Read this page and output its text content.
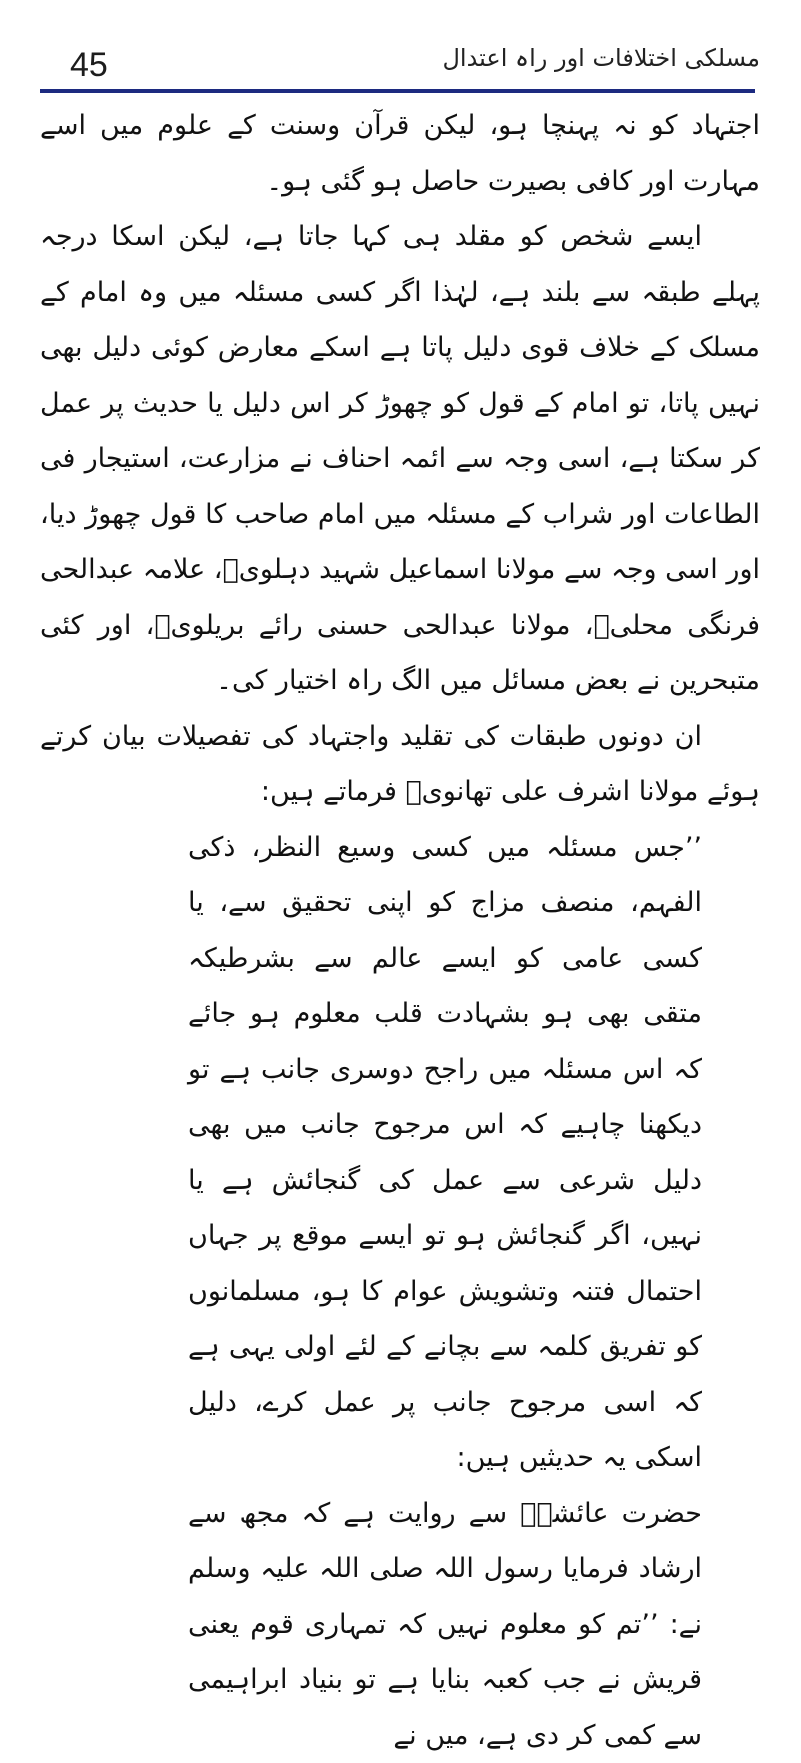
45	مسلکی اختلافات اور راہ اعتدال

اجتہاد کو نہ پہنچا ہو، لیکن قرآن وسنت کے علوم میں اسے مہارت اور کافی بصیرت حاصل ہو گئی ہو۔

ایسے شخص کو مقلد ہی کہا جاتا ہے، لیکن اسکا درجہ پہلے طبقہ سے بلند ہے، لہٰذا اگر کسی مسئلہ میں وہ امام کے مسلک کے خلاف قوی دلیل پاتا ہے اسکے معارض کوئی دلیل بھی نہیں پاتا، تو امام کے قول کو چھوڑ کر اس دلیل یا حدیث پر عمل کر سکتا ہے، اسی وجہ سے ائمہ احناف نے مزارعت، استیجار فی الطاعات اور شراب کے مسئلہ میں امام صاحب کا قول چھوڑ دیا، اور اسی وجہ سے مولانا اسماعیل شہید دہلویؒ، علامہ عبدالحی فرنگی محلیؒ، مولانا عبدالحی حسنی رائے بریلویؒ، اور کئی متبحرین نے بعض مسائل میں الگ راہ اختیار کی۔

ان دونوں طبقات کی تقلید واجتہاد کی تفصیلات بیان کرتے ہوئے مولانا اشرف علی تھانویؒ فرماتے ہیں:

’’جس مسئلہ میں کسی وسیع النظر، ذکی الفہم، منصف مزاج کو اپنی تحقیق سے، یا کسی عامی کو ایسے عالم سے بشرطیکہ متقی بھی ہو بشہادت قلب معلوم ہو جائے کہ اس مسئلہ میں راجح دوسری جانب ہے تو دیکھنا چاہیے کہ اس مرجوح جانب میں بھی دلیل شرعی سے عمل کی گنجائش ہے یا نہیں، اگر گنجائش ہو تو ایسے موقع پر جہاں احتمال فتنہ وتشویش عوام کا ہو، مسلمانوں کو تفریق کلمہ سے بچانے کے لئے اولی یہی ہے کہ اسی مرجوح جانب پر عمل کرے، دلیل اسکی یہ حدیثیں ہیں:

حضرت عائشہؓ سے روایت ہے کہ مجھ سے ارشاد فرمایا رسول اللہ صلی اللہ علیہ وسلم نے: ’’تم کو معلوم نہیں کہ تمہاری قوم یعنی قریش نے جب کعبہ بنایا ہے تو بنیاد ابراہیمی سے کمی کر دی ہے، میں نے
